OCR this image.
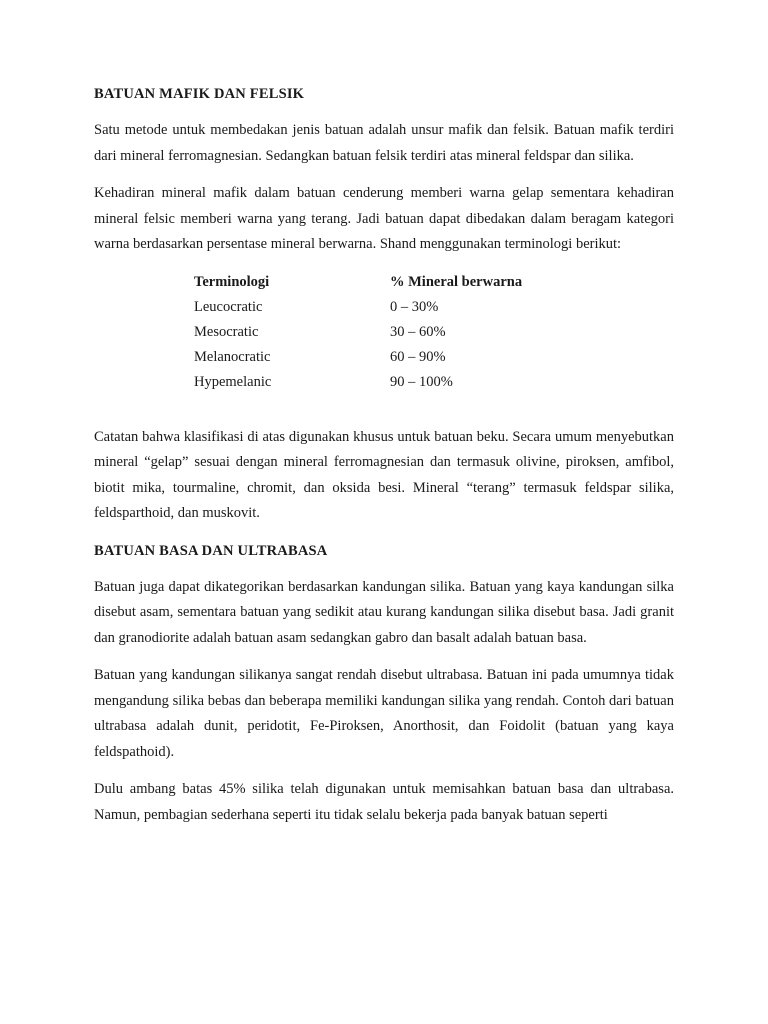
BATUAN MAFIK DAN FELSIK

Satu metode untuk membedakan jenis batuan adalah unsur mafik dan felsik. Batuan mafik terdiri dari mineral ferromagnesian. Sedangkan batuan felsik terdiri atas mineral feldspar dan silika.

Kehadiran mineral mafik dalam batuan cenderung memberi warna gelap sementara kehadiran mineral felsic memberi warna yang terang. Jadi batuan dapat dibedakan dalam beragam kategori warna berdasarkan persentase mineral berwarna. Shand menggunakan terminologi berikut:

Terminologi	% Mineral berwarna
Leucocratic	0 – 30%
Mesocratic	30 – 60%
Melanocratic	60 – 90%
Hypemelanic	90 – 100%

Catatan bahwa klasifikasi di atas digunakan khusus untuk batuan beku. Secara umum menyebutkan mineral “gelap” sesuai dengan mineral ferromagnesian dan termasuk olivine, piroksen, amfibol, biotit mika, tourmaline, chromit, dan oksida besi. Mineral “terang” termasuk feldspar silika, feldsparthoid, dan muskovit.

BATUAN BASA DAN ULTRABASA

Batuan juga dapat dikategorikan berdasarkan kandungan silika. Batuan yang kaya kandungan silka disebut asam, sementara batuan yang sedikit atau kurang kandungan silika disebut basa. Jadi granit dan granodiorite adalah batuan asam sedangkan gabro dan basalt adalah batuan basa.

Batuan yang kandungan silikanya sangat rendah disebut ultrabasa. Batuan ini pada umumnya tidak mengandung silika bebas dan beberapa memiliki kandungan silika yang rendah. Contoh dari batuan ultrabasa adalah dunit, peridotit, Fe-Piroksen, Anorthosit, dan Foidolit (batuan yang kaya feldspathoid).

Dulu ambang batas 45% silika telah digunakan untuk memisahkan batuan basa dan ultrabasa. Namun, pembagian sederhana seperti itu tidak selalu bekerja pada banyak batuan seperti
